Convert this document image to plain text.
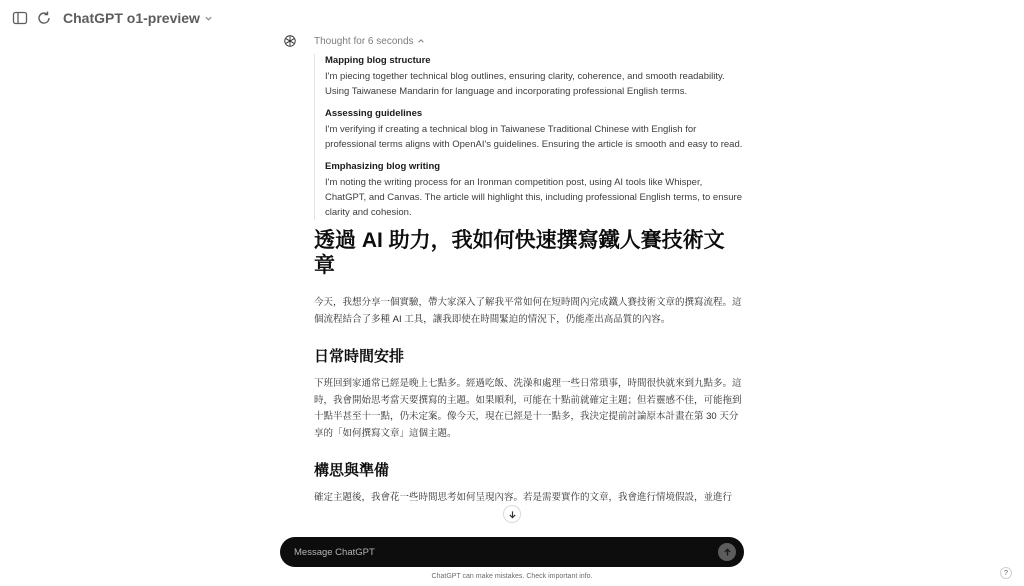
Thought for 6 seconds
Mapping blog structure

I'm piecing together technical blog outlines, ensuring clarity, coherence, and smooth readability. Using Taiwanese Mandarin for language and incorporating professional English terms.

Assessing guidelines

I'm verifying if creating a technical blog in Taiwanese Traditional Chinese with English for professional terms aligns with OpenAI's guidelines. Ensuring the article is smooth and easy to read.

Emphasizing blog writing

I'm noting the writing process for an Ironman competition post, using AI tools like Whisper, ChatGPT, and Canvas. The article will highlight this, including professional English terms, to ensure clarity and cohesion.

透過 AI 助力，我如何快速撰寫鐵人賽技術文章

今天，我想分享一個實驗，帶大家深入了解我平常如何在短時間內完成鐵人賽技術文章的撰寫流程。這個流程結合了多種 AI 工具，讓我即使在時間緊迫的情況下，仍能產出高品質的內容。

日常時間安排

下班回到家通常已經是晚上七點多。經過吃飯、洗澡和處理一些日常瑣事，時間很快就來到九點多。這時，我會開始思考當天要撰寫的主題。如果順利，可能在十點前就確定主題；但若靈感不佳，可能拖到十點半甚至十一點，仍未定案。像今天，現在已經是十一點多，我決定提前討論原本計畫在第 30 天分享的「如何撰寫文章」這個主題。

構思與準備

確定主題後，我會花一些時間思考如何呈現內容。若是需要實作的文章，我會進行情境假設，並進行

ChatGPT o1-preview
Message ChatGPT
ChatGPT can make mistakes. Check important info.	?
